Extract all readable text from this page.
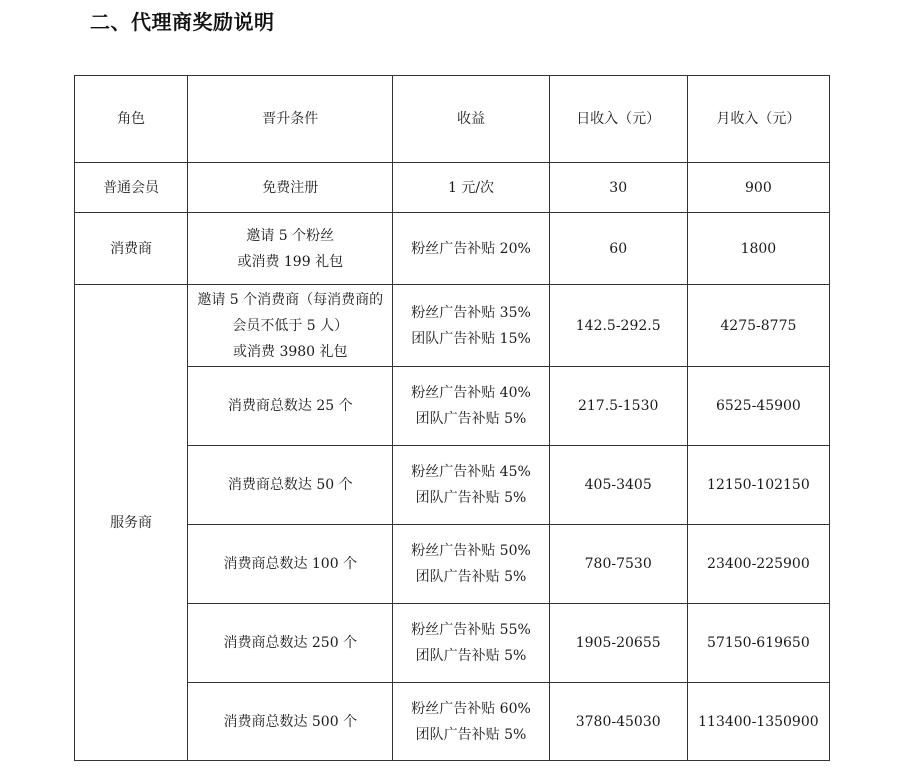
二、代理商奖励说明
角色	晋升条件	收益	日收入（元）	月收入（元）
普通会员	免费注册	1 元/次	30	900
消费商	邀请 5 个粉丝
或消费 199 礼包	粉丝广告补贴 20%	60	1800
服务商	邀请 5 个消费商（每消费商的
会员不低于 5 人）
或消费 3980 礼包	粉丝广告补贴 35%
团队广告补贴 15%	142.5-292.5	4275-8775

	消费商总数达 25 个	粉丝广告补贴 40%
团队广告补贴 5%	217.5-1530	6525-45900

	消费商总数达 50 个	粉丝广告补贴 45%
团队广告补贴 5%	405-3405	12150-102150

	消费商总数达 100 个	粉丝广告补贴 50%
团队广告补贴 5%	780-7530	23400-225900

	消费商总数达 250 个	粉丝广告补贴 55%
团队广告补贴 5%	1905-20655	57150-619650

	消费商总数达 500 个	粉丝广告补贴 60%
团队广告补贴 5%	3780-45030	113400-1350900
